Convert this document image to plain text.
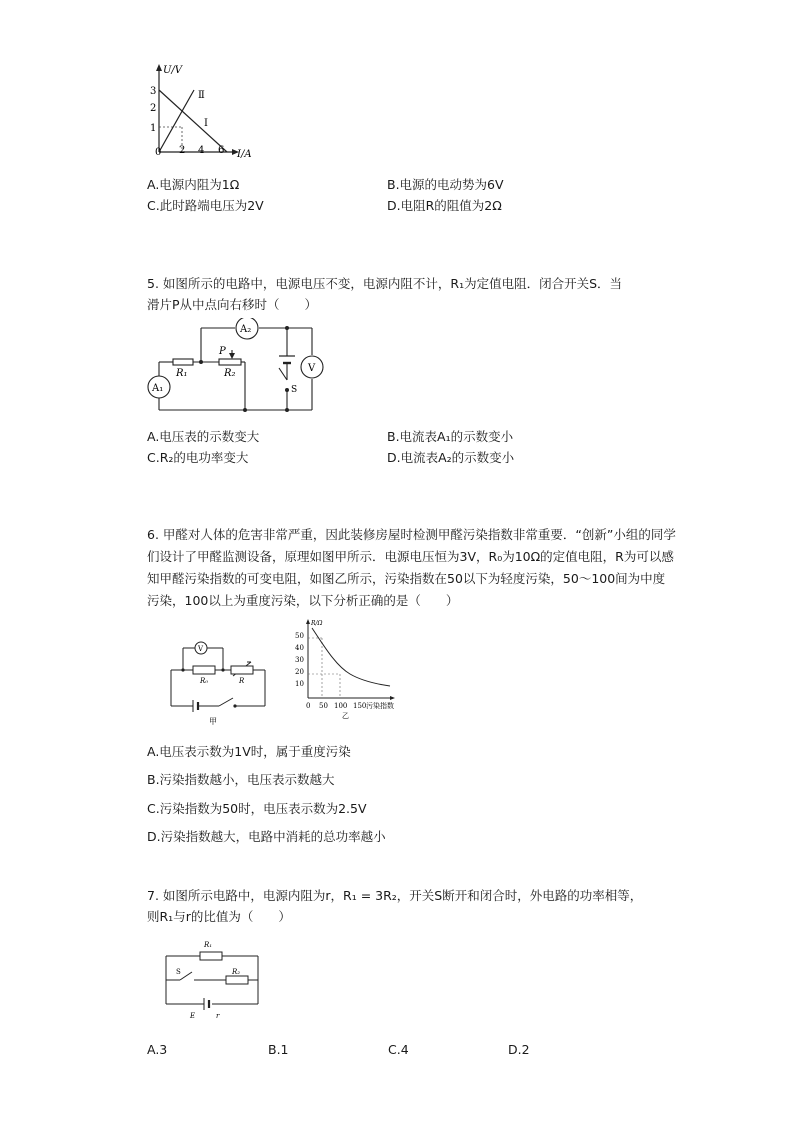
U/V
I/A
1
2
3
0 2 4 6
Ⅱ
I
A.电源内阻为1Ω	B.电源的电动势为6V
C.此时路端电压为2V	D.电阻R的阻值为2Ω
5. 如图所示的电路中，电源电压不变，电源内阻不计，R₁为定值电阻．闭合开关S．当
滑片P从中点向右移时（　　）
A₂
A₁
V
R₁	R₂
P
S
A.电压表的示数变大	B.电流表A₁的示数变小
C.R₂的电功率变大	D.电流表A₂的示数变小
6. 甲醛对人体的危害非常严重，因此装修房屋时检测甲醛污染指数非常重要．“创新”小组的同学们设计了甲醛监测设备，原理如图甲所示．电源电压恒为3V，R₀为10Ω的定值电阻，R为可以感知甲醛污染指数的可变电阻，如图乙所示，污染指数在50以下为轻度污染，50～100间为中度污染，100以上为重度污染，以下分析正确的是（　　）
V
R₀	R
甲
R/Ω
50
40
30
20
10
0 50 100 150 污染指数
乙
A.电压表示数为1V时，属于重度污染
B.污染指数越小，电压表示数越大
C.污染指数为50时，电压表示数为2.5V
D.污染指数越大，电路中消耗的总功率越小
7. 如图所示电路中，电源内阻为r，R₁ = 3R₂，开关S断开和闭合时，外电路的功率相等，
则R₁与r的比值为（　　）
R₁
R₂
S
E	r
A.3	B.1	C.4	D.2
